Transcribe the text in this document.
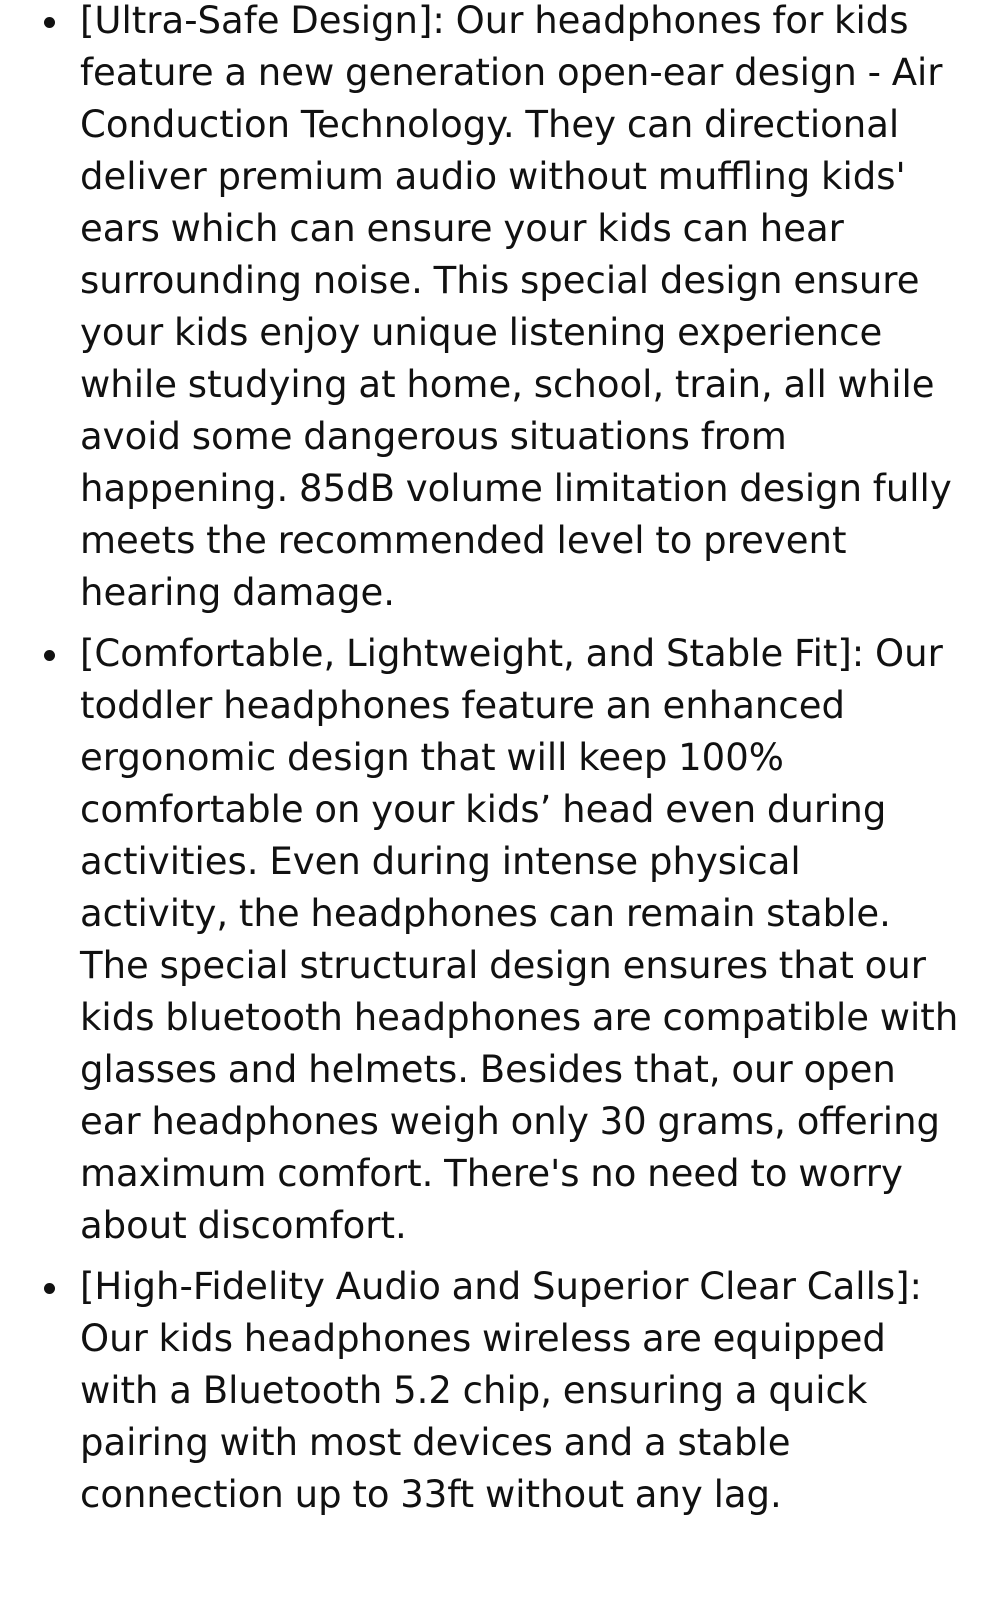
[Ultra-Safe Design]: Our headphones for kids feature a new generation open-ear design - Air Conduction Technology. They can directional deliver premium audio without muffling kids' ears which can ensure your kids can hear surrounding noise. This special design ensure your kids enjoy unique listening experience while studying at home, school, train, all while avoid some dangerous situations from happening. 85dB volume limitation design fully meets the recommended level to prevent hearing damage.
[Comfortable, Lightweight, and Stable Fit]: Our toddler headphones feature an enhanced ergonomic design that will keep 100% comfortable on your kids’ head even during activities. Even during intense physical activity, the headphones can remain stable. The special structural design ensures that our kids bluetooth headphones are compatible with glasses and helmets. Besides that, our open ear headphones weigh only 30 grams, offering maximum comfort. There's no need to worry about discomfort.
[High-Fidelity Audio and Superior Clear Calls]: Our kids headphones wireless are equipped with a Bluetooth 5.2 chip, ensuring a quick pairing with most devices and a stable connection up to 33ft without any lag.
